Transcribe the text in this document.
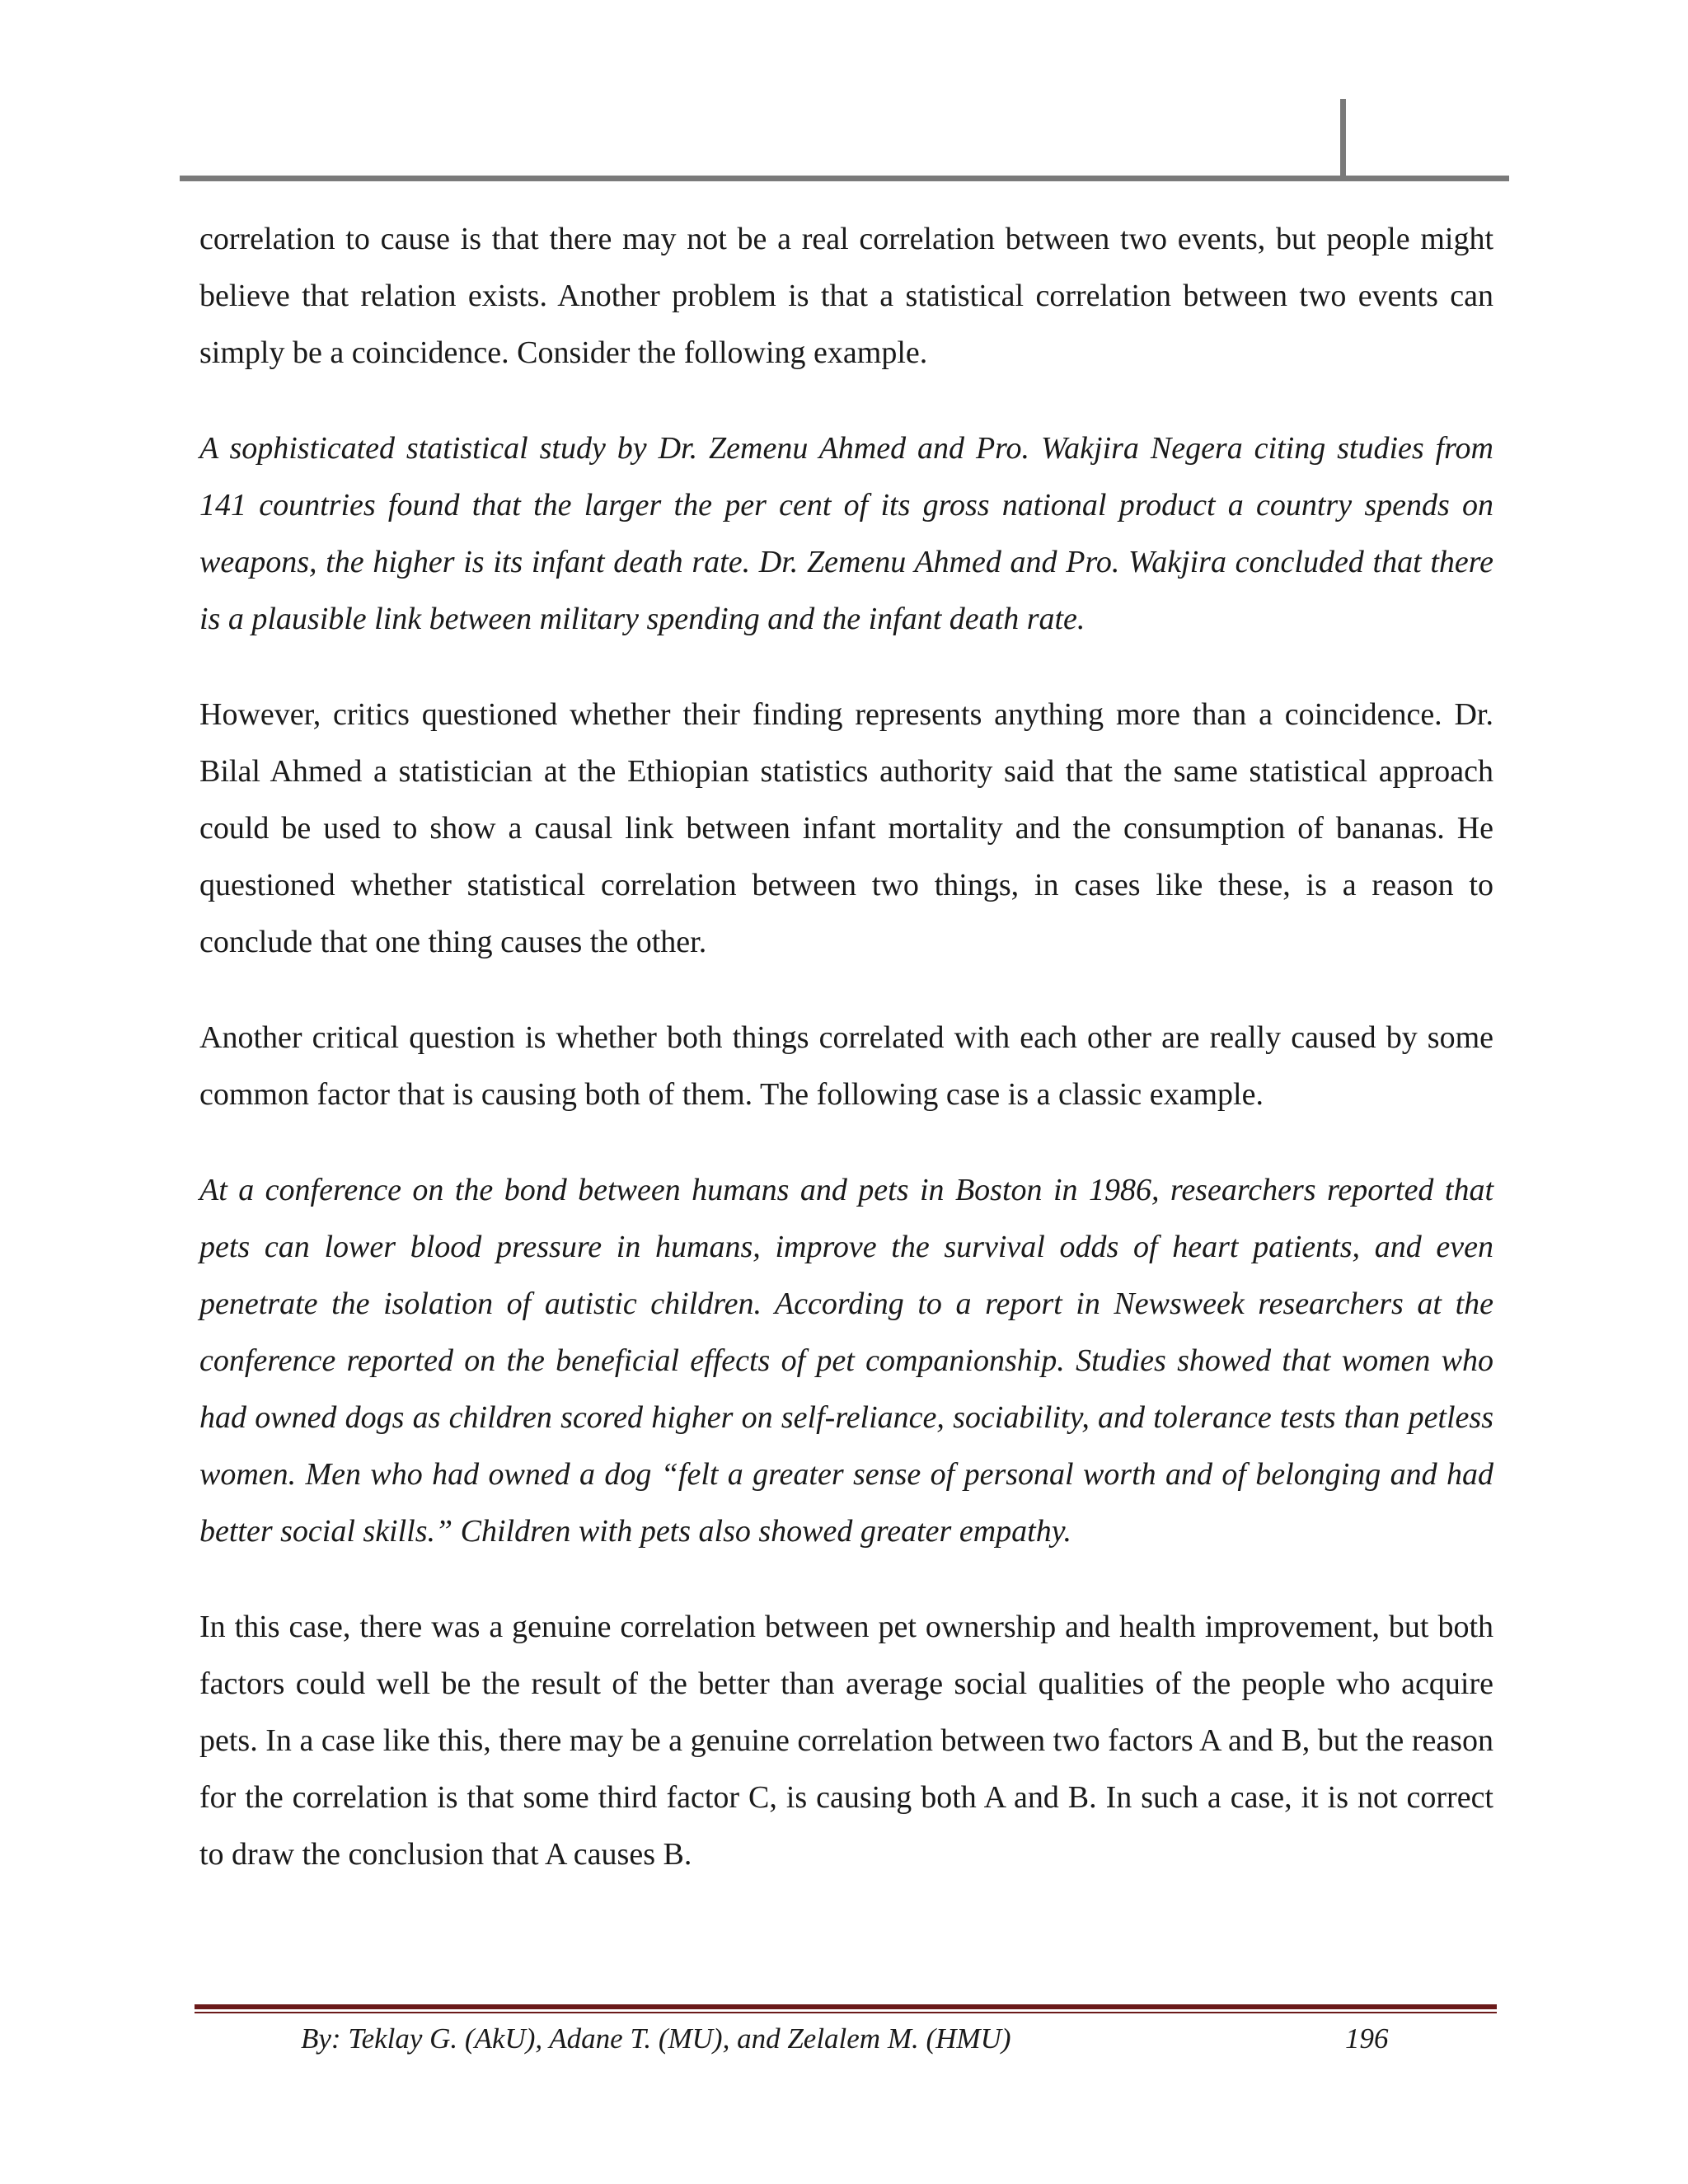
correlation to cause is that there may not be a real correlation between two events, but people might believe that relation exists. Another problem is that a statistical correlation between two events can simply be a coincidence. Consider the following example.

A sophisticated statistical study by Dr. Zemenu Ahmed and Pro. Wakjira Negera citing studies from 141 countries found that the larger the per cent of its gross national product a country spends on weapons, the higher is its infant death rate. Dr. Zemenu Ahmed and Pro. Wakjira concluded that there is a plausible link between military spending and the infant death rate.

However, critics questioned whether their finding represents anything more than a coincidence. Dr. Bilal Ahmed a statistician at the Ethiopian statistics authority said that the same statistical approach could be used to show a causal link between infant mortality and the consumption of bananas. He questioned whether statistical correlation between two things, in cases like these, is a reason to conclude that one thing causes the other.

Another critical question is whether both things correlated with each other are really caused by some common factor that is causing both of them. The following case is a classic example.

At a conference on the bond between humans and pets in Boston in 1986, researchers reported that pets can lower blood pressure in humans, improve the survival odds of heart patients, and even penetrate the isolation of autistic children. According to a report in Newsweek researchers at the conference reported on the beneficial effects of pet companionship. Studies showed that women who had owned dogs as children scored higher on self-reliance, sociability, and tolerance tests than petless women. Men who had owned a dog “felt a greater sense of personal worth and of belonging and had better social skills.” Children with pets also showed greater empathy.

In this case, there was a genuine correlation between pet ownership and health improvement, but both factors could well be the result of the better than average social qualities of the people who acquire pets. In a case like this, there may be a genuine correlation between two factors A and B, but the reason for the correlation is that some third factor C, is causing both A and B. In such a case, it is not correct to draw the conclusion that A causes B.

By: Teklay G. (AkU), Adane T. (MU), and Zelalem M. (HMU)	196
